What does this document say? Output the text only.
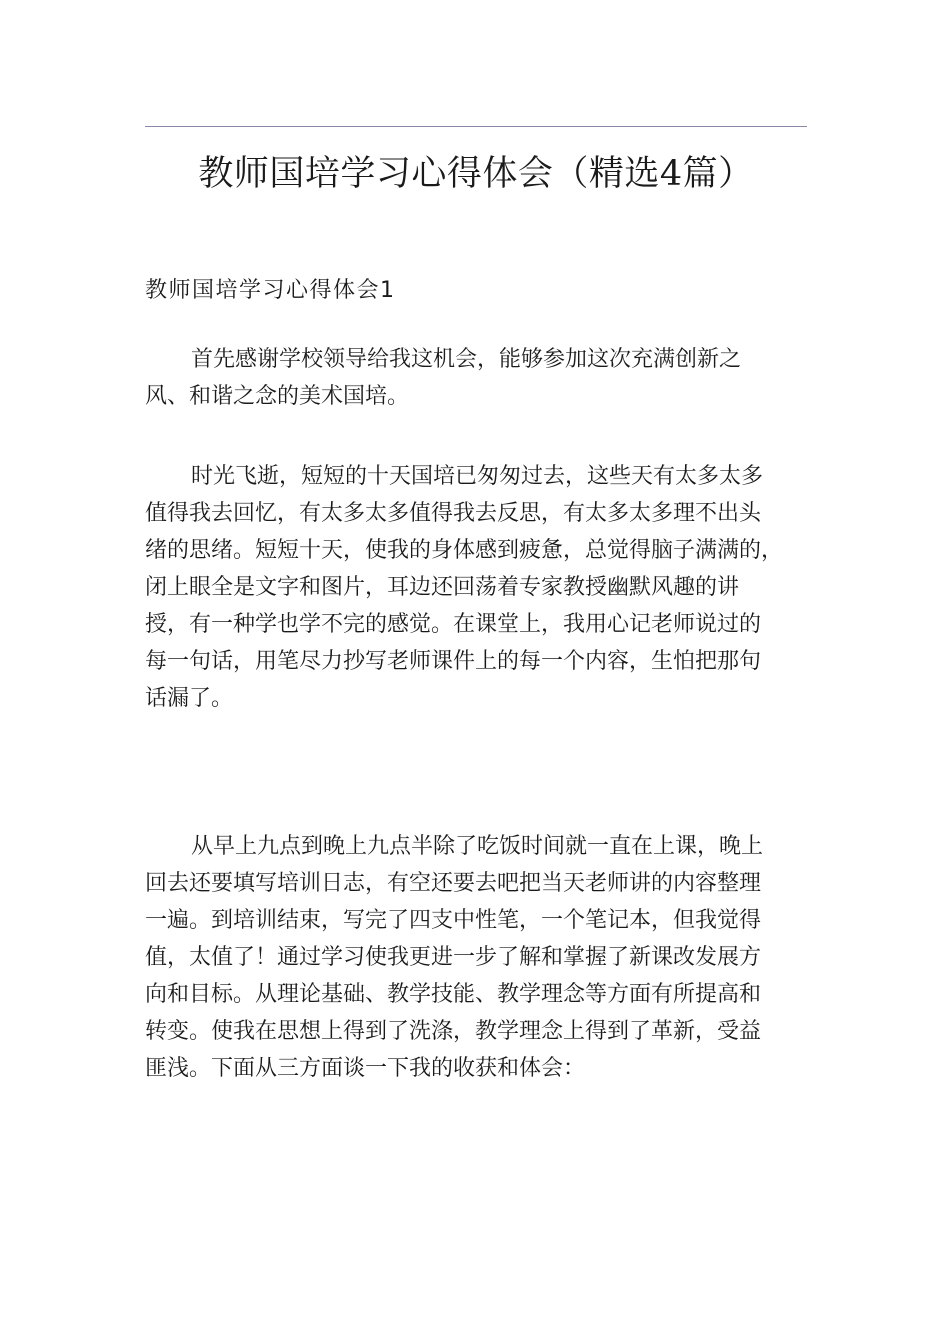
教师国培学习心得体会（精选4篇）
教师国培学习心得体会1
首先感谢学校领导给我这机会，能够参加这次充满创新之
风、和谐之念的美术国培。
时光飞逝，短短的十天国培已匆匆过去，这些天有太多太多
值得我去回忆，有太多太多值得我去反思，有太多太多理不出头
绪的思绪。短短十天，使我的身体感到疲惫，总觉得脑子满满的，
闭上眼全是文字和图片，耳边还回荡着专家教授幽默风趣的讲
授，有一种学也学不完的感觉。在课堂上，我用心记老师说过的
每一句话，用笔尽力抄写老师课件上的每一个内容，生怕把那句
话漏了。
从早上九点到晚上九点半除了吃饭时间就一直在上课，晚上
回去还要填写培训日志，有空还要去吧把当天老师讲的内容整理
一遍。到培训结束，写完了四支中性笔，一个笔记本，但我觉得
值，太值了！通过学习使我更进一步了解和掌握了新课改发展方
向和目标。从理论基础、教学技能、教学理念等方面有所提高和
转变。使我在思想上得到了洗涤，教学理念上得到了革新，受益
匪浅。下面从三方面谈一下我的收获和体会：
